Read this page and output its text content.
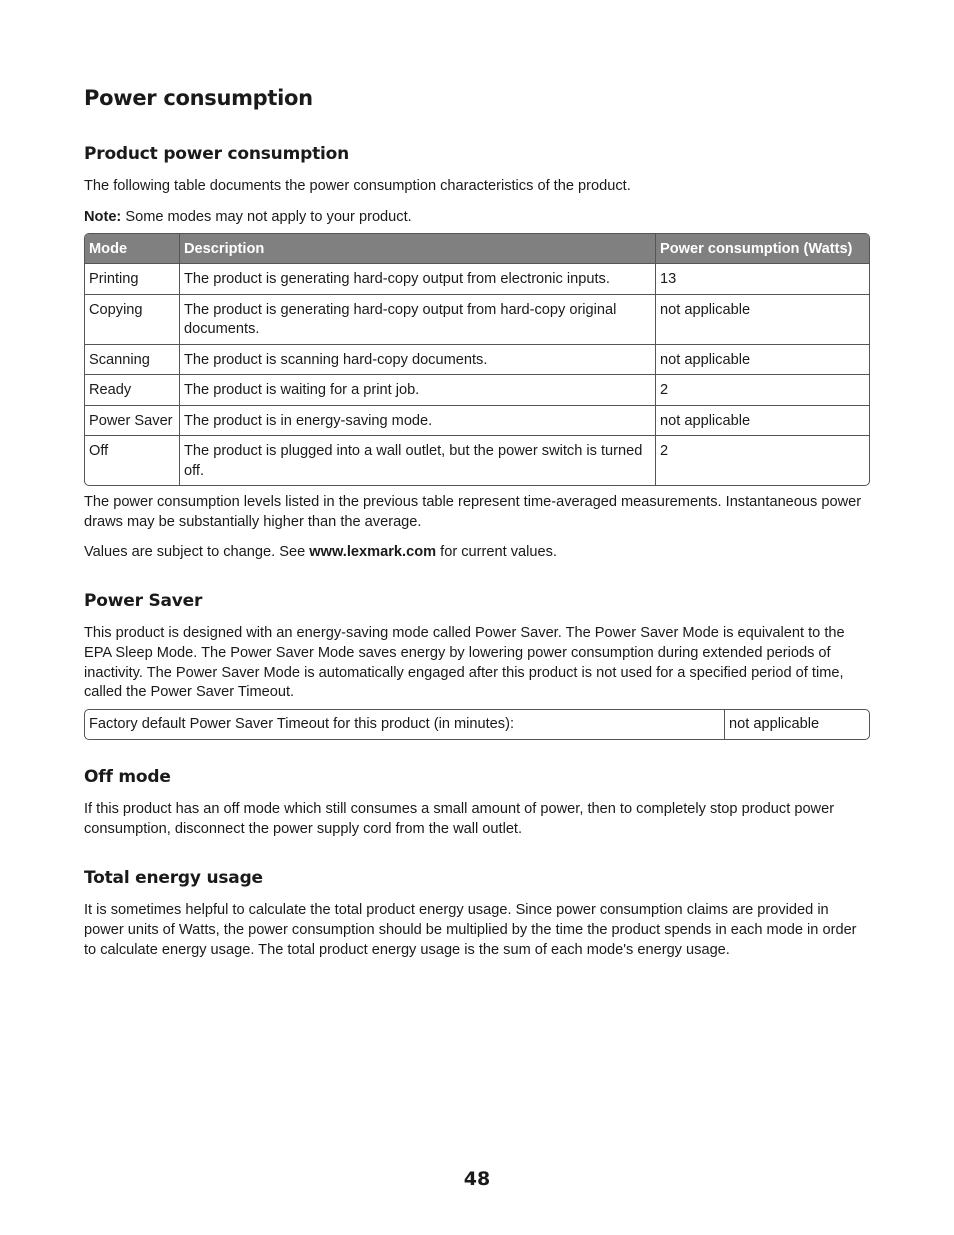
Power consumption
Product power consumption

The following table documents the power consumption characteristics of the product.

Note: Some modes may not apply to your product.

Mode	Description	Power consumption (Watts)
Printing	The product is generating hard-copy output from electronic inputs.	13
Copying	The product is generating hard-copy output from hard-copy original documents.	not applicable
Scanning	The product is scanning hard-copy documents.	not applicable
Ready	The product is waiting for a print job.	2
Power Saver	The product is in energy-saving mode.	not applicable
Off	The product is plugged into a wall outlet, but the power switch is turned off.	2

The power consumption levels listed in the previous table represent time-averaged measurements. Instantaneous power draws may be substantially higher than the average.

Values are subject to change. See www.lexmark.com for current values.

Power Saver

This product is designed with an energy-saving mode called Power Saver. The Power Saver Mode is equivalent to the EPA Sleep Mode. The Power Saver Mode saves energy by lowering power consumption during extended periods of inactivity. The Power Saver Mode is automatically engaged after this product is not used for a specified period of time, called the Power Saver Timeout.

Factory default Power Saver Timeout for this product (in minutes):	not applicable
Off mode

If this product has an off mode which still consumes a small amount of power, then to completely stop product power consumption, disconnect the power supply cord from the wall outlet.

Total energy usage

It is sometimes helpful to calculate the total product energy usage. Since power consumption claims are provided in power units of Watts, the power consumption should be multiplied by the time the product spends in each mode in order to calculate energy usage. The total product energy usage is the sum of each mode's energy usage.

48
